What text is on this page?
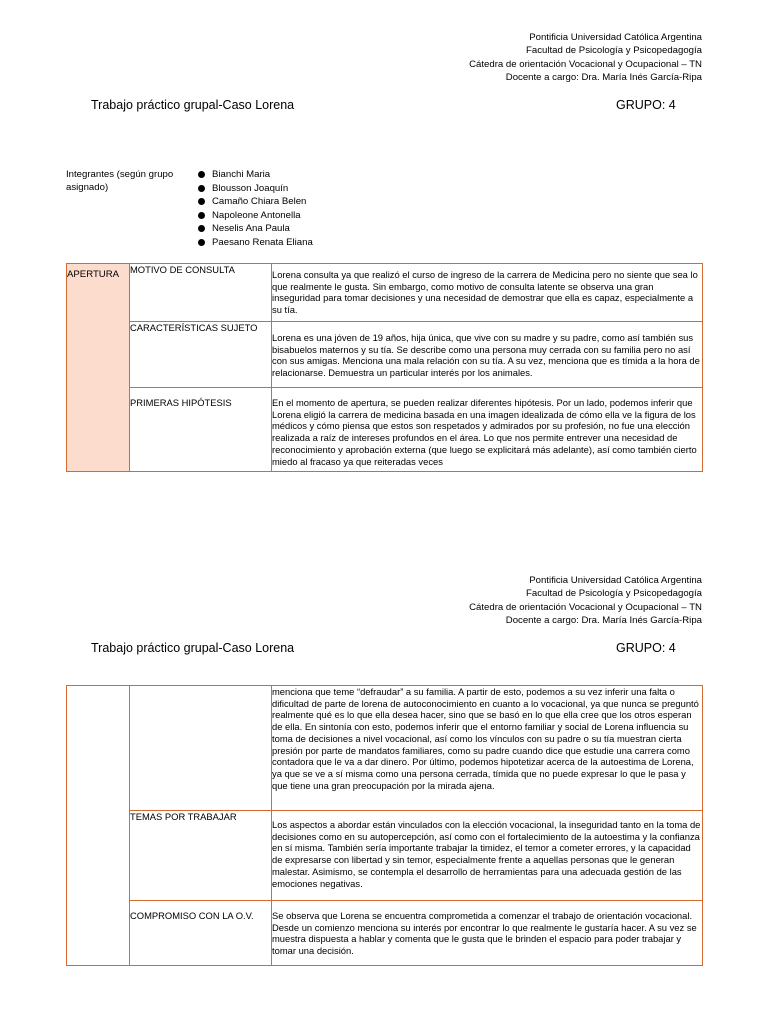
Pontificia Universidad Católica Argentina
Facultad de Psicología y Psicopedagogía
Cátedra de orientación Vocacional y Ocupacional – TN
Docente a cargo: Dra. María Inés García-Ripa
Trabajo práctico grupal-Caso Lorena	GRUPO: 4
Integrantes (según grupo asignado)
Bianchi Maria
Blousson Joaquín
Camaño Chiara Belen
Napoleone Antonella
Neselis Ana Paula
Paesano Renata Eliana
APERTURA	MOTIVO DE CONSULTA	Lorena consulta ya que realizó el curso de ingreso de la carrera de Medicina pero no siente que sea lo que realmente le gusta. Sin embargo, como motivo de consulta latente se observa una gran inseguridad para tomar decisiones y una necesidad de demostrar que ella es capaz, especialmente a su tía.
	CARACTERÍSTICAS SUJETO	Lorena es una jóven de 19 años, hija única, que vive con su madre y su padre, como así también sus bisabuelos maternos y su tía. Se describe como una persona muy cerrada con su familia pero no así con sus amigas. Menciona una mala relación con su tía. A su vez, menciona que es tímida a la hora de relacionarse. Demuestra un particular interés por los animales.
	PRIMERAS HIPÓTESIS	En el momento de apertura, se pueden realizar diferentes hipótesis. Por un lado, podemos inferir que Lorena eligió la carrera de medicina basada en una imagen idealizada de cómo ella ve la figura de los médicos y cómo piensa que estos son respetados y admirados por su profesión, no fue una elección realizada a raíz de intereses profundos en el área. Lo que nos permite entrever una necesidad de reconocimiento y aprobación externa (que luego se explicitará más adelante), así como también cierto miedo al fracaso ya que reiteradas veces
Pontificia Universidad Católica Argentina
Facultad de Psicología y Psicopedagogía
Cátedra de orientación Vocacional y Ocupacional – TN
Docente a cargo: Dra. María Inés García-Ripa
Trabajo práctico grupal-Caso Lorena	GRUPO: 4
		menciona que teme “defraudar” a su familia. A partir de esto, podemos a su vez inferir una falta o dificultad de parte de lorena de autoconocimiento en cuanto a lo vocacional, ya que nunca se preguntó realmente qué es lo que ella desea hacer, sino que se basó en lo que ella cree que los otros esperan de ella. En sintonía con esto, podemos inferir que el entorno familiar y social de Lorena influencia su toma de decisiones a nivel vocacional, así como los vínculos con su padre o su tía muestran cierta presión por parte de mandatos familiares, como su padre cuando dice que estudie una carrera como contadora que le va a dar dinero. Por último, podemos hipotetizar acerca de la autoestima de Lorena, ya que se ve a sí misma como una persona cerrada, tímida que no puede expresar lo que le pasa y que tiene una gran preocupación por la mirada ajena.
	TEMAS POR TRABAJAR	Los aspectos a abordar están vinculados con la elección vocacional, la inseguridad tanto en la toma de decisiones como en su autopercepción, así como con el fortalecimiento de la autoestima y la confianza en sí misma. También sería importante trabajar la timidez, el temor a cometer errores, y la capacidad de expresarse con libertad y sin temor, especialmente frente a aquellas personas que le generan malestar. Asimismo, se contempla el desarrollo de herramientas para una adecuada gestión de las emociones negativas.
	COMPROMISO CON LA O.V.	Se observa que Lorena se encuentra comprometida a comenzar el trabajo de orientación vocacional. Desde un comienzo menciona su interés por encontrar lo que realmente le gustaría hacer. A su vez se muestra dispuesta a hablar y comenta que le gusta que le brinden el espacio para poder trabajar y tomar una decisión.
